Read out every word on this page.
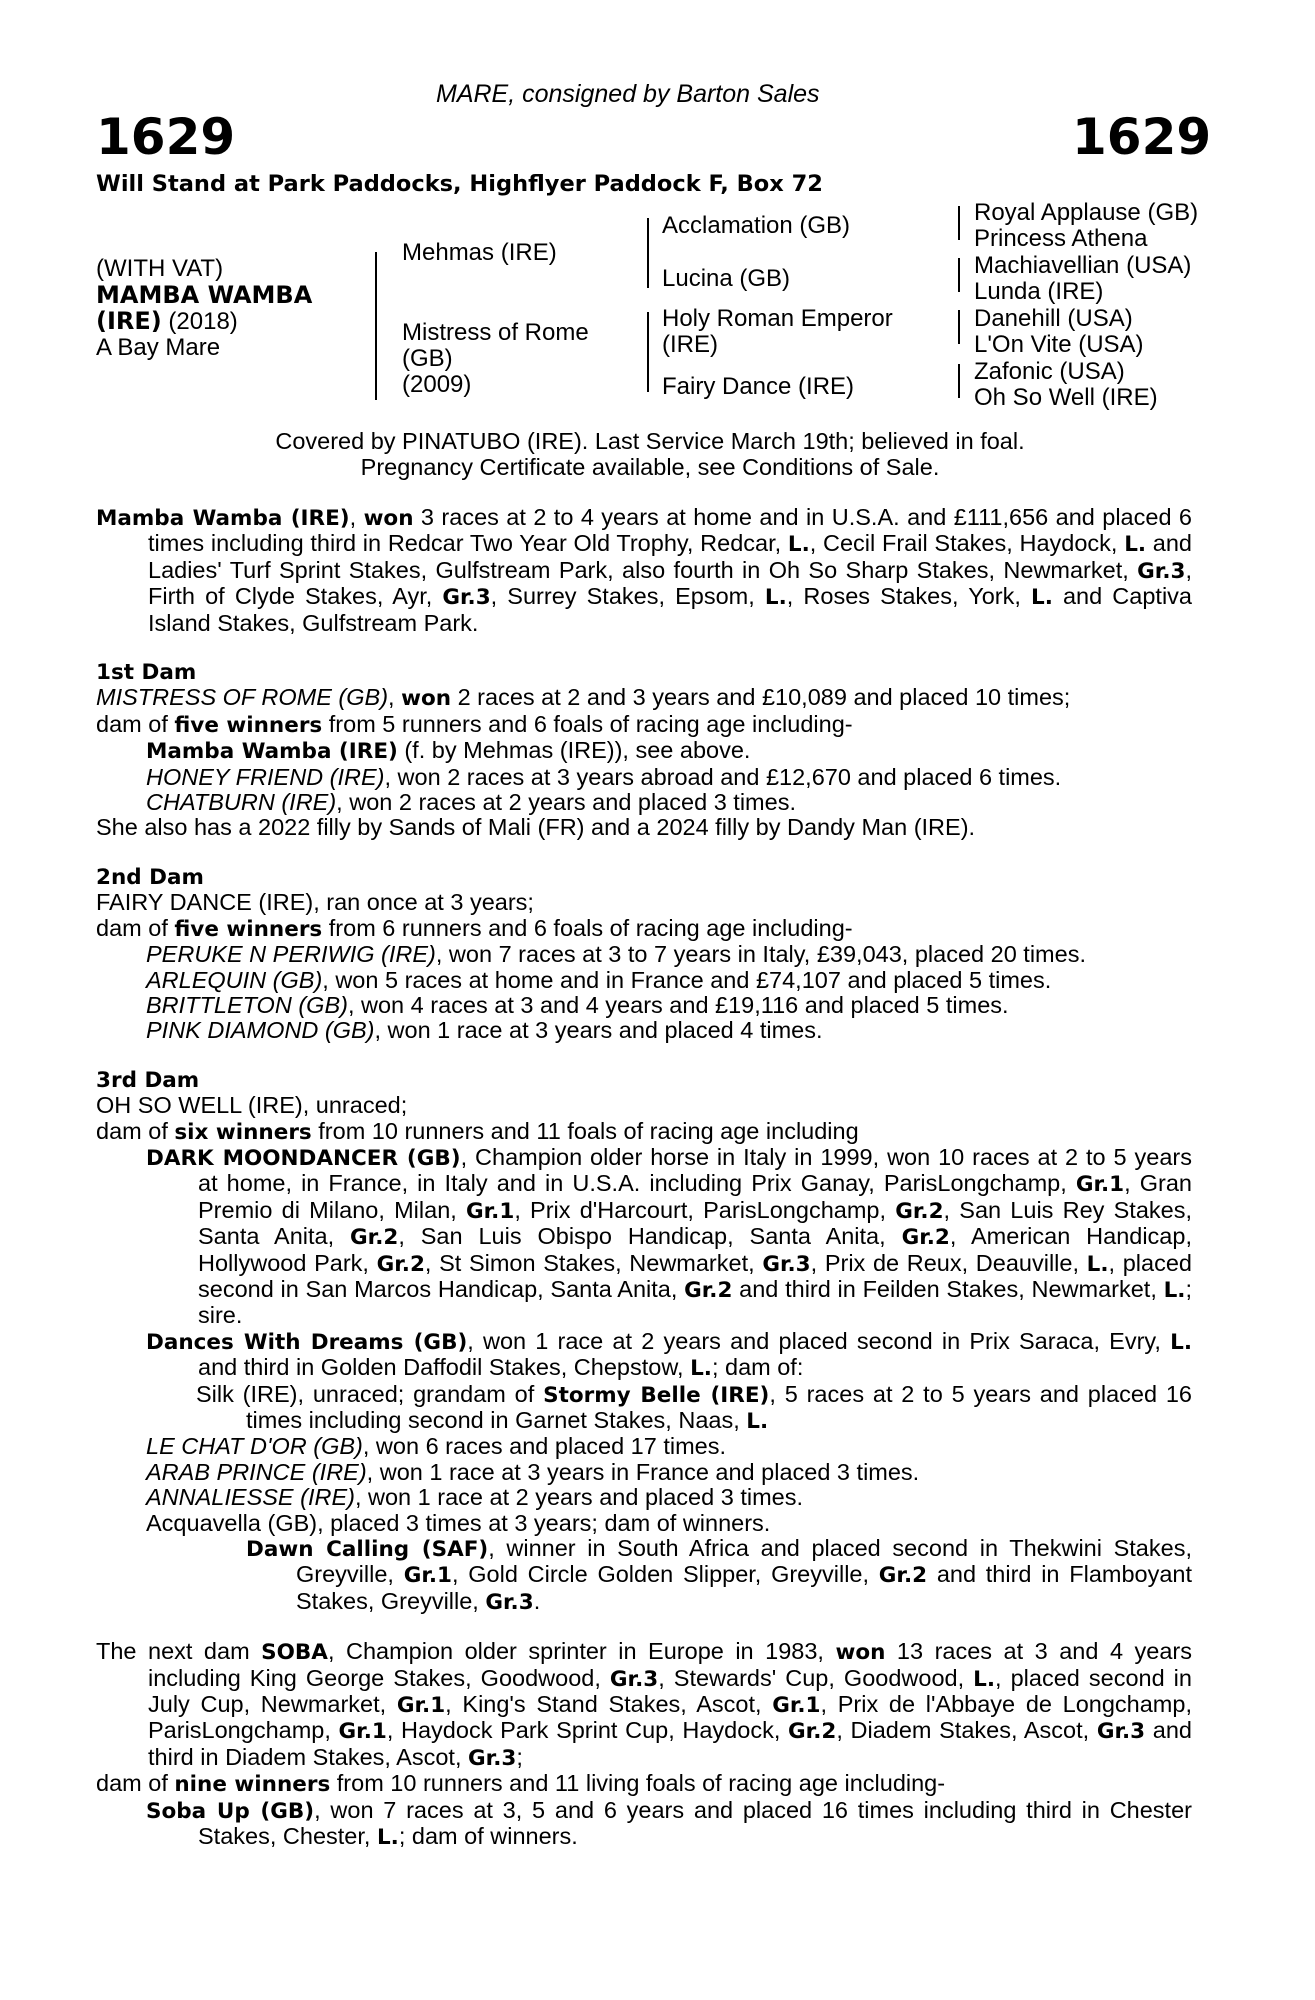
MARE, consigned by Barton Sales
1629	1629
Will Stand at Park Paddocks, Highflyer Paddock F, Box 72
(WITH VAT)
MAMBA WAMBA
(IRE) (2018)
A Bay Mare
Mehmas (IRE)
Mistress of Rome
(GB)
(2009)
Acclamation (GB)
Lucina (GB)
Holy Roman Emperor
(IRE)
Fairy Dance (IRE)
Royal Applause (GB)
Princess Athena
Machiavellian (USA)
Lunda (IRE)
Danehill (USA)
L'On Vite (USA)
Zafonic (USA)
Oh So Well (IRE)
Covered by PINATUBO (IRE). Last Service March 19th; believed in foal.
Pregnancy Certificate available, see Conditions of Sale.

Mamba Wamba (IRE), won 3 races at 2 to 4 years at home and in U.S.A. and £111,656 and placed 6 times including third in Redcar Two Year Old Trophy, Redcar, L., Cecil Frail Stakes, Haydock, L. and Ladies' Turf Sprint Stakes, Gulfstream Park, also fourth in Oh So Sharp Stakes, Newmarket, Gr.3, Firth of Clyde Stakes, Ayr, Gr.3, Surrey Stakes, Epsom, L., Roses Stakes, York, L. and Captiva Island Stakes, Gulfstream Park.

1st Dam

MISTRESS OF ROME (GB), won 2 races at 2 and 3 years and £10,089 and placed 10 times;

dam of five winners from 5 runners and 6 foals of racing age including-

Mamba Wamba (IRE) (f. by Mehmas (IRE)), see above.

HONEY FRIEND (IRE), won 2 races at 3 years abroad and £12,670 and placed 6 times.

CHATBURN (IRE), won 2 races at 2 years and placed 3 times.

She also has a 2022 filly by Sands of Mali (FR) and a 2024 filly by Dandy Man (IRE).

2nd Dam

FAIRY DANCE (IRE), ran once at 3 years;

dam of five winners from 6 runners and 6 foals of racing age including-

PERUKE N PERIWIG (IRE), won 7 races at 3 to 7 years in Italy, £39,043, placed 20 times.

ARLEQUIN (GB), won 5 races at home and in France and £74,107 and placed 5 times.

BRITTLETON (GB), won 4 races at 3 and 4 years and £19,116 and placed 5 times.

PINK DIAMOND (GB), won 1 race at 3 years and placed 4 times.

3rd Dam

OH SO WELL (IRE), unraced;

dam of six winners from 10 runners and 11 foals of racing age including

DARK MOONDANCER (GB), Champion older horse in Italy in 1999, won 10 races at 2 to 5 years at home, in France, in Italy and in U.S.A. including Prix Ganay, ParisLongchamp, Gr.1, Gran Premio di Milano, Milan, Gr.1, Prix d'Harcourt, ParisLongchamp, Gr.2, San Luis Rey Stakes, Santa Anita, Gr.2, San Luis Obispo Handicap, Santa Anita, Gr.2, American Handicap, Hollywood Park, Gr.2, St Simon Stakes, Newmarket, Gr.3, Prix de Reux, Deauville, L., placed second in San Marcos Handicap, Santa Anita, Gr.2 and third in Feilden Stakes, Newmarket, L.; sire.

Dances With Dreams (GB), won 1 race at 2 years and placed second in Prix Saraca, Evry, L. and third in Golden Daffodil Stakes, Chepstow, L.; dam of:

Silk (IRE), unraced; grandam of Stormy Belle (IRE), 5 races at 2 to 5 years and placed 16 times including second in Garnet Stakes, Naas, L.

LE CHAT D'OR (GB), won 6 races and placed 17 times.

ARAB PRINCE (IRE), won 1 race at 3 years in France and placed 3 times.

ANNALIESSE (IRE), won 1 race at 2 years and placed 3 times.

Acquavella (GB), placed 3 times at 3 years; dam of winners.

Dawn Calling (SAF), winner in South Africa and placed second in Thekwini Stakes, Greyville, Gr.1, Gold Circle Golden Slipper, Greyville, Gr.2 and third in Flamboyant Stakes, Greyville, Gr.3.

The next dam SOBA, Champion older sprinter in Europe in 1983, won 13 races at 3 and 4 years including King George Stakes, Goodwood, Gr.3, Stewards' Cup, Goodwood, L., placed second in July Cup, Newmarket, Gr.1, King's Stand Stakes, Ascot, Gr.1, Prix de l'Abbaye de Longchamp, ParisLongchamp, Gr.1, Haydock Park Sprint Cup, Haydock, Gr.2, Diadem Stakes, Ascot, Gr.3 and third in Diadem Stakes, Ascot, Gr.3;

dam of nine winners from 10 runners and 11 living foals of racing age including-

Soba Up (GB), won 7 races at 3, 5 and 6 years and placed 16 times including third in Chester Stakes, Chester, L.; dam of winners.
